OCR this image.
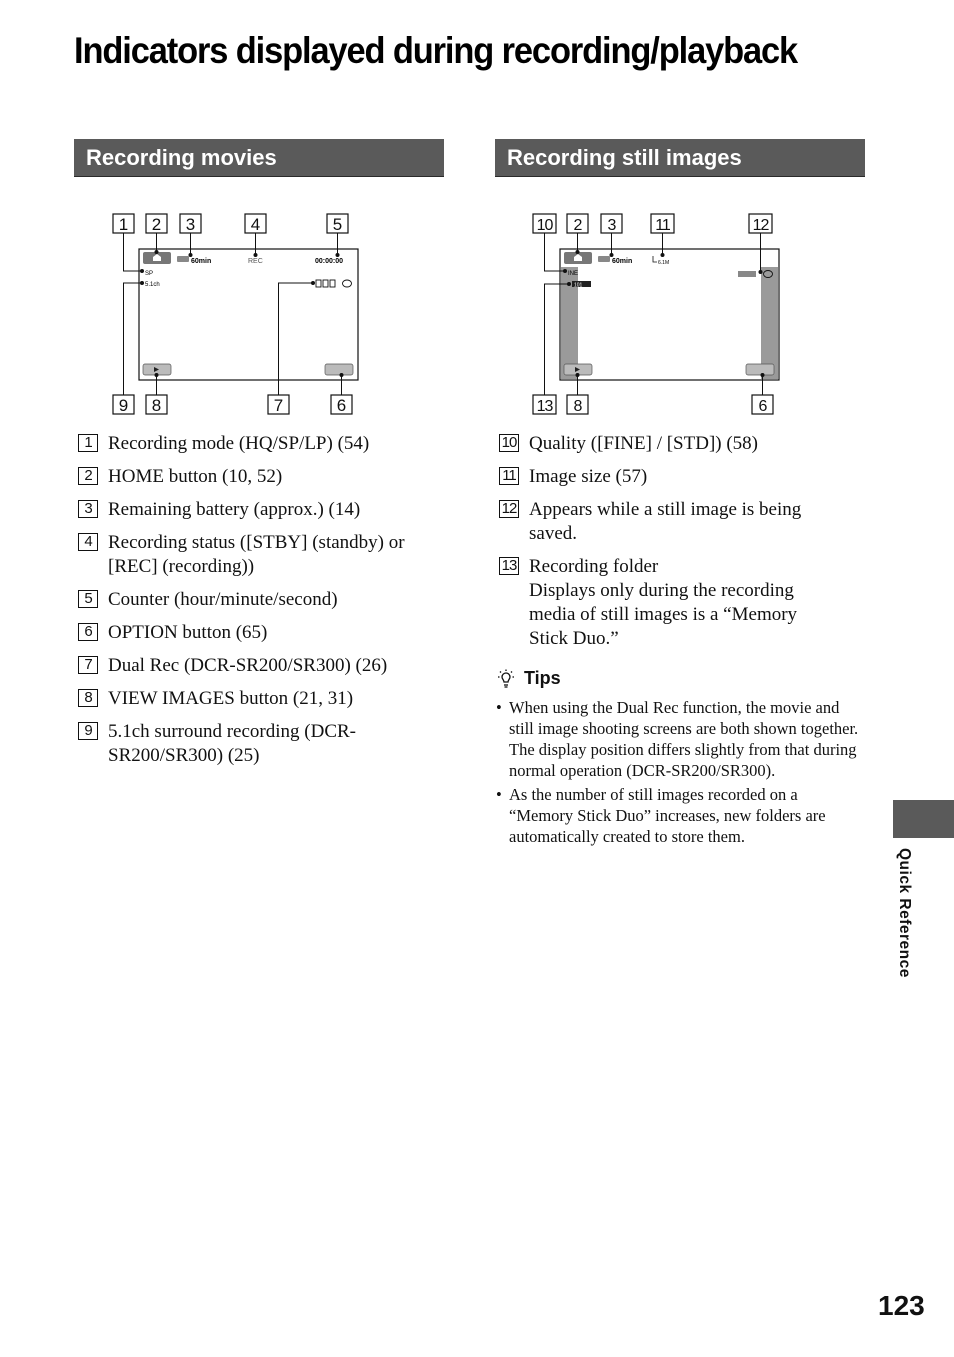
Indicators displayed during recording/playback
Recording movies	Recording still images
1 2 3	4	5
9 8	7	6
60min	REC	00:00:00
SP
5.1ch
10 2 3 11	12
13 8	6
60min	6.1M
INE
101
1 Recording mode (HQ/SP/LP) (54)
2 HOME button (10, 52)
3 Remaining battery (approx.) (14)
4 Recording status ([STBY] (standby) or [REC] (recording))
5 Counter (hour/minute/second)
6 OPTION button (65)
7 Dual Rec (DCR-SR200/SR300) (26)
8 VIEW IMAGES button (21, 31)
9 5.1ch surround recording (DCR-SR200/SR300) (25)
10 Quality ([FINE] / [STD]) (58)
11 Image size (57)
12 Appears while a still image is being saved.
13 Recording folder
Displays only during the recording media of still images is a “Memory Stick Duo.”
Tips
• When using the Dual Rec function, the movie and still image shooting screens are both shown together. The display position differs slightly from that during normal operation (DCR-SR200/SR300).
• As the number of still images recorded on a “Memory Stick Duo” increases, new folders are automatically created to store them.
Quick Reference
123
